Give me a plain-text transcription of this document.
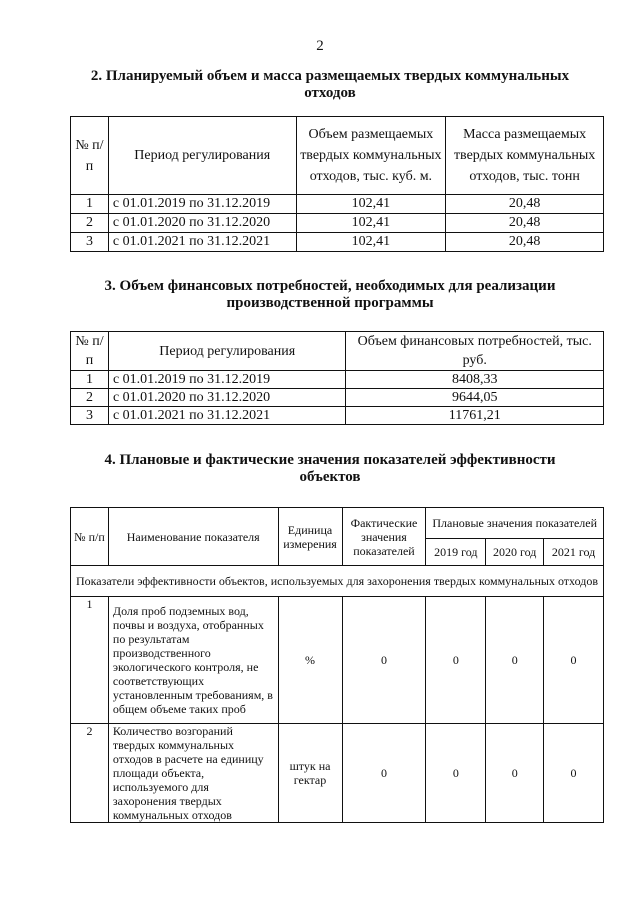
2
2. Планируемый объем и масса размещаемых твердых коммунальных
отходов
№ п/п	Период регулирования	Объем размещаемых твердых коммунальных отходов, тыс. куб. м.	Масса размещаемых твердых коммунальных отходов, тыс. тонн
1	с 01.01.2019 по 31.12.2019	102,41	20,48
2	с 01.01.2020 по 31.12.2020	102,41	20,48
3	с 01.01.2021 по 31.12.2021	102,41	20,48
3. Объем финансовых потребностей, необходимых для реализации
производственной программы
№ п/п	Период регулирования	Объем финансовых потребностей, тыс. руб.
1	с 01.01.2019 по 31.12.2019	8408,33
2	с 01.01.2020 по 31.12.2020	9644,05
3	с 01.01.2021 по 31.12.2021	11761,21
4. Плановые и фактические значения показателей эффективности
объектов
№ п/п	Наименование показателя	Единица измерения	Фактические значения показателей	Плановые значения показателей		
				2019 год	2020 год	2021 год
Показатели эффективности объектов, используемых для захоронения твердых коммунальных отходов						
1	Доля проб подземных вод, почвы и воздуха, отобранных по результатам производственного экологического контроля, не соответствующих установленным требованиям, в общем объеме таких проб	%	0	0	0	0
2	Количество возгораний твердых коммунальных отходов в расчете на единицу площади объекта, используемого для захоронения твердых коммунальных отходов	штук на гектар	0	0	0	0
